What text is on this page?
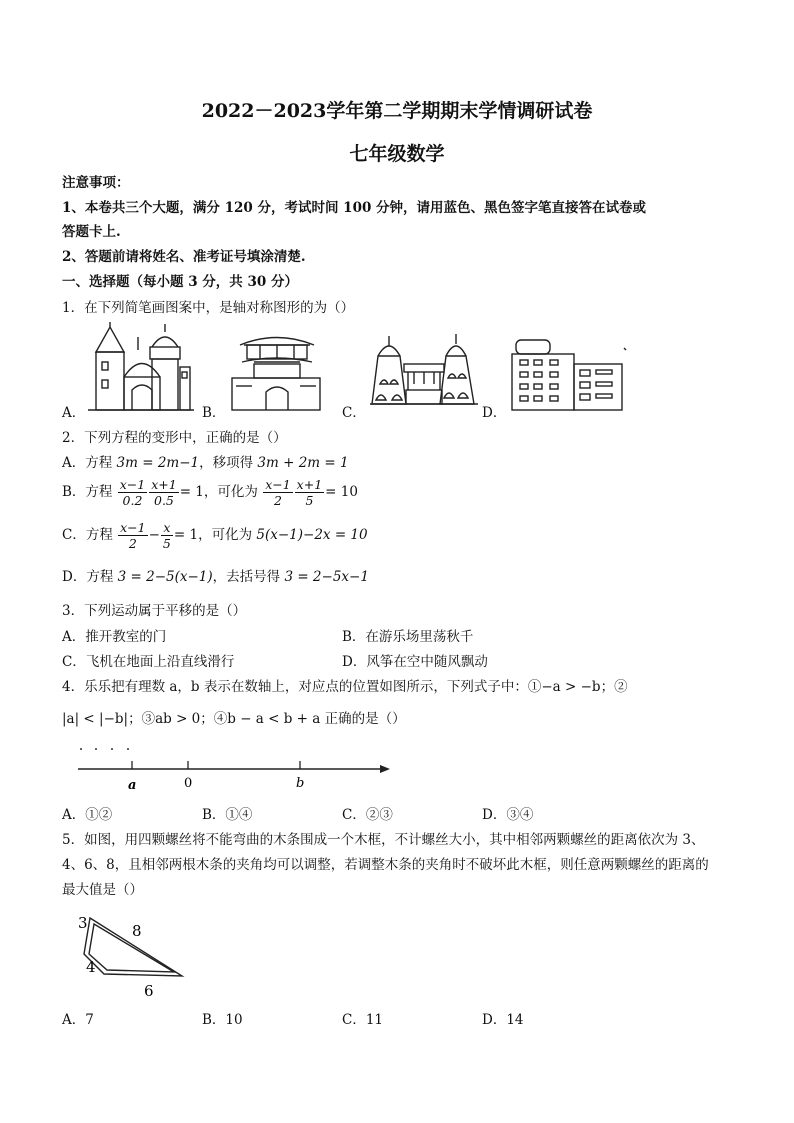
2022－2023学年第二学期期末学情调研试卷
七年级数学
注意事项：
1、本卷共三个大题，满分 120 分，考试时间 100 分钟，请用蓝色、黑色签字笔直接答在试卷或
答题卡上.
2、答题前请将姓名、准考证号填涂清楚.
一、选择题（每小题 3 分，共 30 分）
1．在下列简笔画图案中，是轴对称图形的为（）
A．	B．	C．	D．
2．下列方程的变形中，正确的是（）
A．方程 3m = 2m−1，移项得 3m + 2m = 1
B．方程 $\frac{x-1}{0.2} \frac{x+1}{0.5} = 1$，可化为 $\frac{x-1}{2} \frac{x+1}{5} = 10$
C．方程 $\frac{x-1}{2} - \frac{x}{5} = 1$，可化为 5(x−1)−2x = 10
D．方程 3 = 2−5(x−1)，去括号得 3 = 2−5x−1
3．下列运动属于平移的是（）
A．推开教室的门	B．在游乐场里荡秋千
C．飞机在地面上沿直线滑行	D．风筝在空中随风飘动
4．乐乐把有理数 a，b 表示在数轴上，对应点的位置如图所示，下列式子中：①−a > −b；②
|a| < |−b|；③ab > 0；④b − a < b + a 正确的是（）
a	0	b
A．①②	B．①④	C．②③	D．③④
5．如图，用四颗螺丝将不能弯曲的木条围成一个木框，不计螺丝大小，其中相邻两颗螺丝的距离依次为 3、
4、6、8，且相邻两根木条的夹角均可以调整，若调整木条的夹角时不破坏此木框，则任意两颗螺丝的距离的
最大值是（）
3	8
4
6
A．7	B．10	C．11	D．14
